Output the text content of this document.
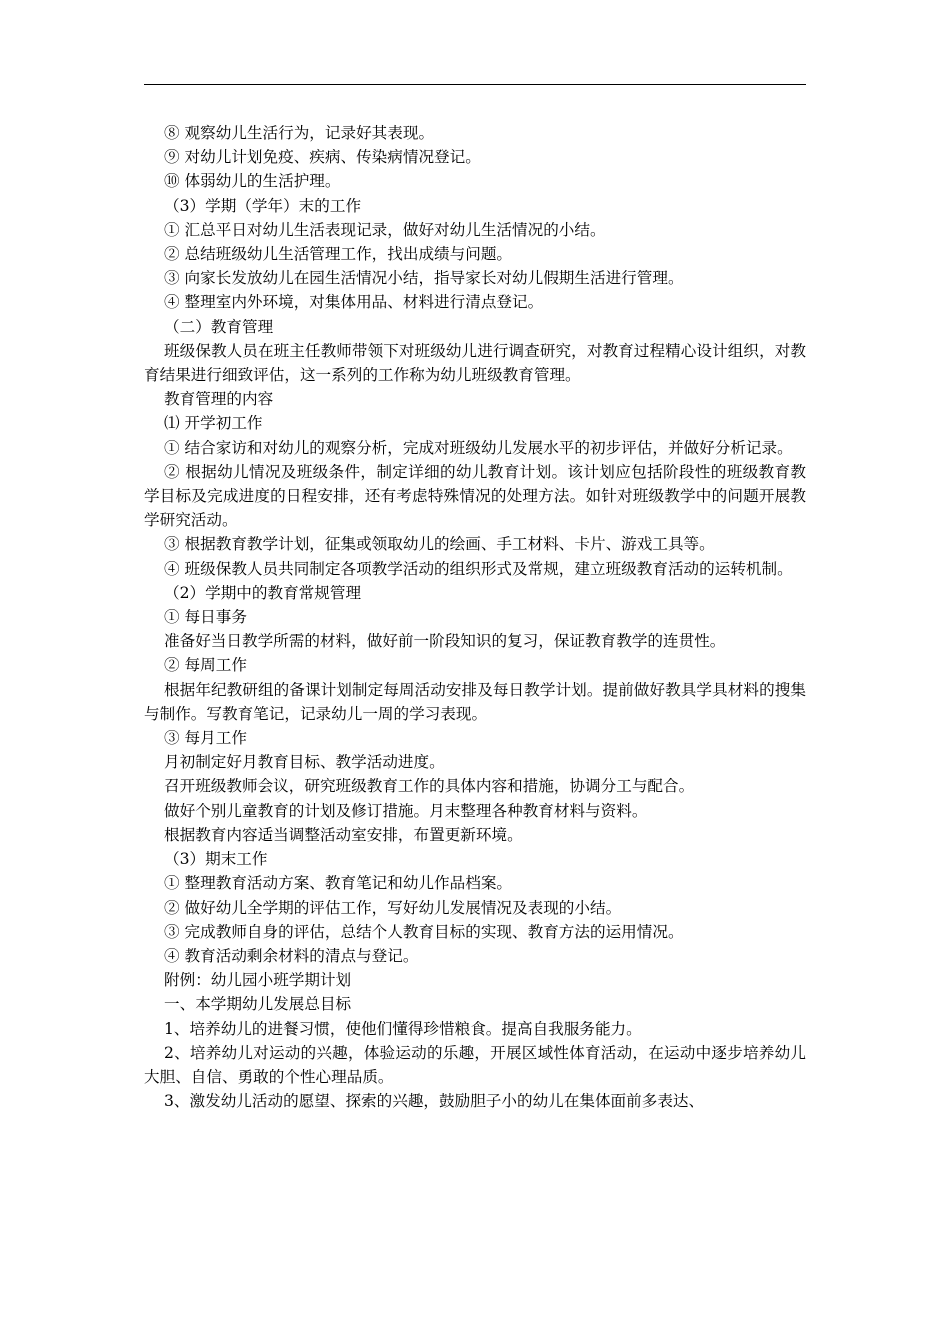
⑧ 观察幼儿生活行为，记录好其表现。

⑨ 对幼儿计划免疫、疾病、传染病情况登记。

⑩ 体弱幼儿的生活护理。

（3）学期（学年）末的工作

① 汇总平日对幼儿生活表现记录，做好对幼儿生活情况的小结。

② 总结班级幼儿生活管理工作，找出成绩与问题。

③ 向家长发放幼儿在园生活情况小结，指导家长对幼儿假期生活进行管理。

④ 整理室内外环境，对集体用品、材料进行清点登记。

（二）教育管理

班级保教人员在班主任教师带领下对班级幼儿进行调查研究，对教育过程精心设计组织，对教育结果进行细致评估，这一系列的工作称为幼儿班级教育管理。

教育管理的内容

⑴ 开学初工作

① 结合家访和对幼儿的观察分析，完成对班级幼儿发展水平的初步评估，并做好分析记录。

② 根据幼儿情况及班级条件，制定详细的幼儿教育计划。该计划应包括阶段性的班级教育教学目标及完成进度的日程安排，还有考虑特殊情况的处理方法。如针对班级教学中的问题开展教学研究活动。

③ 根据教育教学计划，征集或领取幼儿的绘画、手工材料、卡片、游戏工具等。

④ 班级保教人员共同制定各项教学活动的组织形式及常规，建立班级教育活动的运转机制。

（2）学期中的教育常规管理

① 每日事务

准备好当日教学所需的材料，做好前一阶段知识的复习，保证教育教学的连贯性。

② 每周工作

根据年纪教研组的备课计划制定每周活动安排及每日教学计划。提前做好教具学具材料的搜集与制作。写教育笔记，记录幼儿一周的学习表现。

③ 每月工作

月初制定好月教育目标、教学活动进度。

召开班级教师会议，研究班级教育工作的具体内容和措施，协调分工与配合。

做好个别儿童教育的计划及修订措施。月末整理各种教育材料与资料。

根据教育内容适当调整活动室安排，布置更新环境。

（3）期末工作

① 整理教育活动方案、教育笔记和幼儿作品档案。

② 做好幼儿全学期的评估工作，写好幼儿发展情况及表现的小结。

③ 完成教师自身的评估，总结个人教育目标的实现、教育方法的运用情况。

④ 教育活动剩余材料的清点与登记。

附例：幼儿园小班学期计划

一、本学期幼儿发展总目标

1、培养幼儿的进餐习惯，使他们懂得珍惜粮食。提高自我服务能力。

2、培养幼儿对运动的兴趣，体验运动的乐趣，开展区域性体育活动，在运动中逐步培养幼儿大胆、自信、勇敢的个性心理品质。

3、激发幼儿活动的愿望、探索的兴趣，鼓励胆子小的幼儿在集体面前多表达、
